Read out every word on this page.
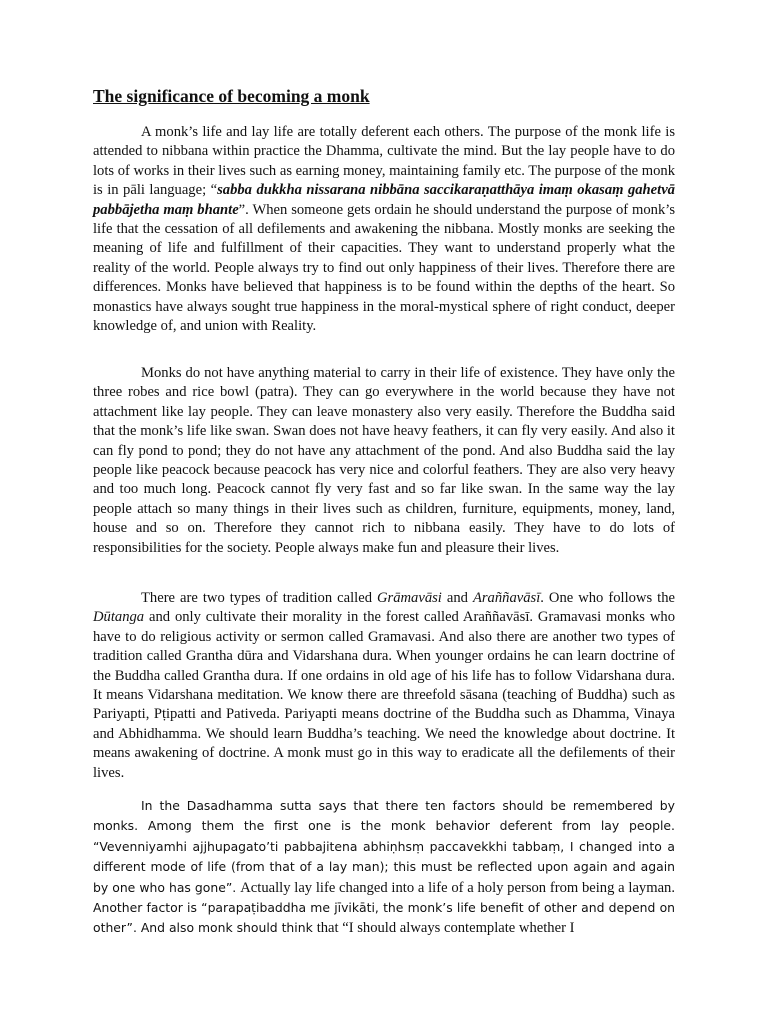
The significance of becoming a monk

A monk’s life and lay life are totally deferent each others. The purpose of the monk life is attended to nibbana within practice the Dhamma, cultivate the mind. But the lay people have to do lots of works in their lives such as earning money, maintaining family etc. The purpose of the monk is in pāli language; “sabba dukkha nissarana nibbāna saccikaraṇatthāya imaṃ okasaṃ gahetvā pabbājetha maṃ bhante”. When someone gets ordain he should understand the purpose of monk’s life that the cessation of all defilements and awakening the nibbana. Mostly monks are seeking the meaning of life and fulfillment of their capacities. They want to understand properly what the reality of the world. People always try to find out only happiness of their lives. Therefore there are differences. Monks have believed that happiness is to be found within the depths of the heart. So monastics have always sought true happiness in the moral-mystical sphere of right conduct, deeper knowledge of, and union with Reality.

Monks do not have anything material to carry in their life of existence. They have only the three robes and rice bowl (patra). They can go everywhere in the world because they have not attachment like lay people. They can leave monastery also very easily. Therefore the Buddha said that the monk’s life like swan. Swan does not have heavy feathers, it can fly very easily. And also it can fly pond to pond; they do not have any attachment of the pond. And also Buddha said the lay people like peacock because peacock has very nice and colorful feathers. They are also very heavy and too much long. Peacock cannot fly very fast and so far like swan. In the same way the lay people attach so many things in their lives such as children, furniture, equipments, money, land, house and so on. Therefore they cannot rich to nibbana easily. They have to do lots of responsibilities for the society. People always make fun and pleasure their lives.

There are two types of tradition called Grāmavāsi and Araññavāsī. One who follows the Dūtanga and only cultivate their morality in the forest called Araññavāsī. Gramavasi monks who have to do religious activity or sermon called Gramavasi. And also there are another two types of tradition called Grantha dūra and Vidarshana dura. When younger ordains he can learn doctrine of the Buddha called Grantha dura. If one ordains in old age of his life has to follow Vidarshana dura. It means Vidarshana meditation. We know there are threefold sāsana (teaching of Buddha) such as Pariyapti, Pṭipatti and Pativeda. Pariyapti means doctrine of the Buddha such as Dhamma, Vinaya and Abhidhamma. We should learn Buddha’s teaching. We need the knowledge about doctrine. It means awakening of doctrine. A monk must go in this way to eradicate all the defilements of their lives.

In the Dasadhamma sutta says that there ten factors should be remembered by monks. Among them the first one is the monk behavior deferent from lay people. “Vevenniyamhi ajjhupagato’ti pabbajitena abhiṇhsṃ paccavekkhi tabbaṃ, I changed into a different mode of life (from that of a lay man); this must be reflected upon again and again by one who has gone”. Actually lay life changed into a life of a holy person from being a layman. Another factor is “parapaṭibaddha me jīvikāti, the monk’s life benefit of other and depend on other”. And also monk should think that “I should always contemplate whether I
